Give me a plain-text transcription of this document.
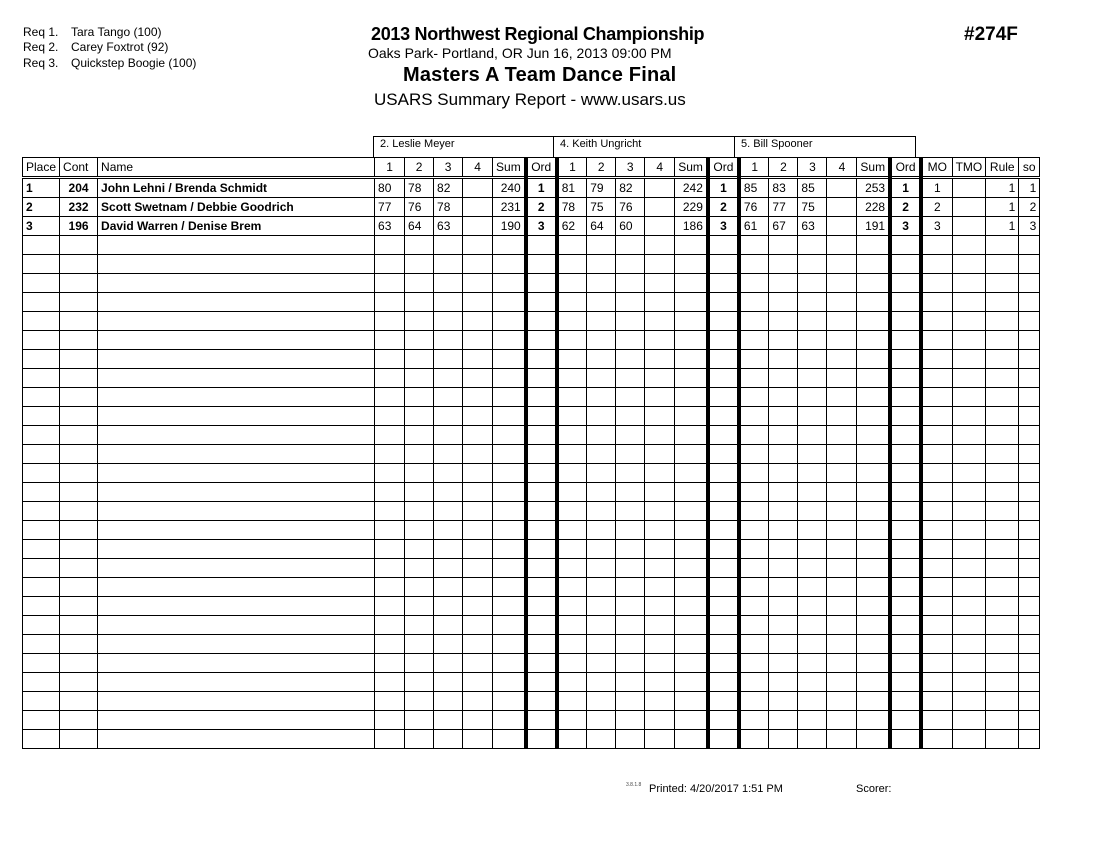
Req 1. Tara Tango (100)
Req 2. Carey Foxtrot (92)
Req 3. Quickstep Boogie (100)
2013 Northwest Regional Championship
Oaks Park- Portland, OR Jun 16, 2013 09:00 PM
Masters A Team Dance Final
USARS Summary Report - www.usars.us
#274F
2. Leslie Meyer	4. Keith Ungricht	5. Bill Spooner
Place	Cont	Name	1	2	3	4	Sum	Ord	1	2	3	4	Sum	Ord	1	2	3	4	Sum	Ord	MO	TMO	Rule	so
1	204	John Lehni / Brenda Schmidt	80	78	82		240	1	81	79	82		242	1	85	83	85		253	1	1		1	1
2	232	Scott Swetnam / Debbie Goodrich	77	76	78		231	2	78	75	76		229	2	76	77	75		228	2	2		1	2
3	196	David Warren / Denise Brem	63	64	63		190	3	62	64	60		186	3	61	67	63		191	3	3		1	3

3.8.1.8 Printed: 4/20/2017 1:51 PM	Scorer:
